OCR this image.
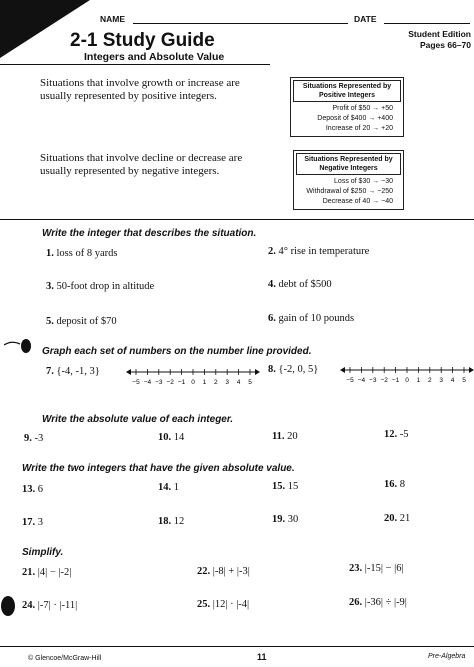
NAME	DATE
2-1 Study Guide
Integers and Absolute Value
Student Edition
Pages 66–70
Situations that involve growth or increase are
usually represented by positive integers.
Situations Represented by
Positive Integers
Profit of $50 → +50
Deposit of $400 → +400
Increase of 20 → +20
Situations that involve decline or decrease are
usually represented by negative integers.
Situations Represented by
Negative Integers
Loss of $30 → −30
Withdrawal of $250 → −250
Decrease of 40 → −40
Write the integer that describes the situation.
1. loss of 8 yards	2. 4° rise in temperature
3. 50-foot drop in altitude	4. debt of $500
5. deposit of $70	6. gain of 10 pounds
Graph each set of numbers on the number line provided.
7. {-4, -1, 3}	8. {-2, 0, 5}
−5 −4 −3 −2 −1 0 1 2 3 4 5	−5 −4 −3 −2 −1 0 1 2 3 4 5
Write the absolute value of each integer.
9. -3	10. 14	11. 20	12. -5
Write the two integers that have the given absolute value.
13. 6	14. 1	15. 15	16. 8
17. 3	18. 12	19. 30	20. 21
Simplify.
21. |4| − |-2|	22. |-8| + |-3|	23. |-15| − |6|
24. |-7| · |-11|	25. |12| · |-4|	26. |-36| ÷ |-9|
© Glencoe/McGraw-Hill	11	Pre-Algebra
